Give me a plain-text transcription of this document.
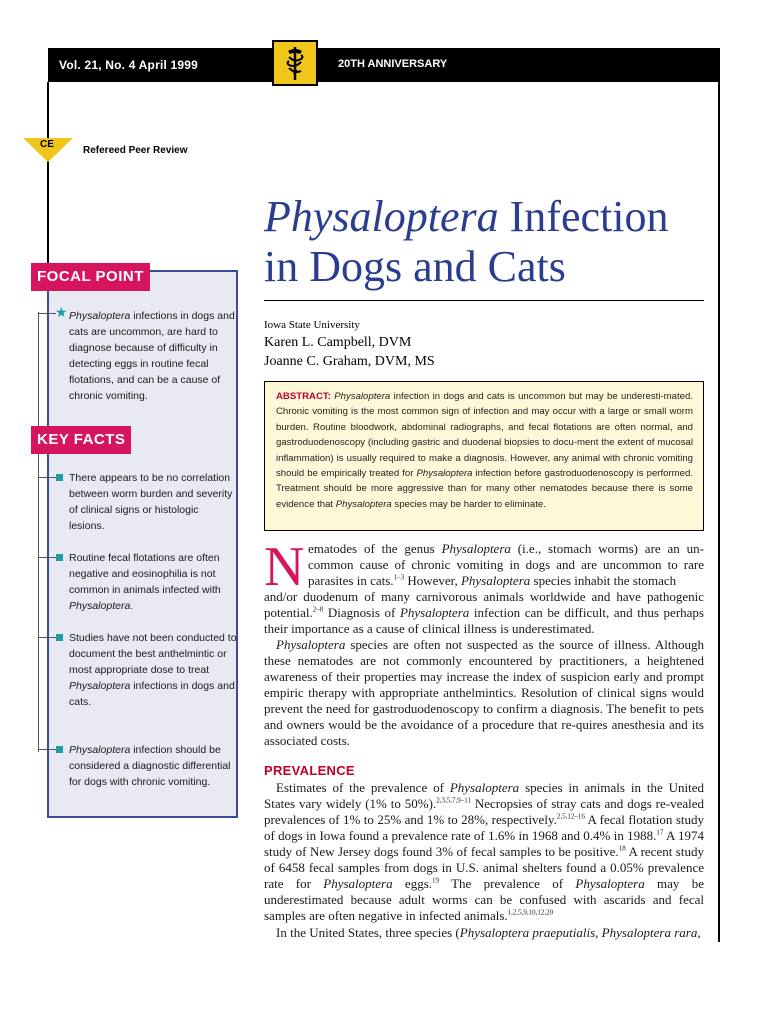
Vol. 21, No. 4 April 1999	20TH ANNIVERSARY
V
CE
Refereed Peer Review
Physaloptera Infection
in Dogs and Cats
Iowa State University
Karen L. Campbell, DVM
Joanne C. Graham, DVM, MS
ABSTRACT: Physaloptera infection in dogs and cats is uncommon but may be underesti-mated. Chronic vomiting is the most common sign of infection and may occur with a large or small worm burden. Routine bloodwork, abdominal radiographs, and fecal flotations are often normal, and gastroduodenoscopy (including gastric and duodenal biopsies to docu-ment the extent of mucosal inflammation) is usually required to make a diagnosis. However, any animal with chronic vomiting should be empirically treated for Physaloptera infection before gastroduodenoscopy is performed. Treatment should be more aggressive than for many other nematodes because there is some evidence that Physaloptera species may be harder to eliminate.
FOCAL POINT
★ Physaloptera infections in dogs and cats are uncommon, are hard to diagnose because of difficulty in detecting eggs in routine fecal flotations, and can be a cause of chronic vomiting.
KEY FACTS
There appears to be no correlation between worm burden and severity of clinical signs or histologic lesions.
Routine fecal flotations are often negative and eosinophilia is not common in animals infected with Physaloptera.
Studies have not been conducted to document the best anthelmintic or most appropriate dose to treat Physaloptera infections in dogs and cats.
Physaloptera infection should be considered a diagnostic differential for dogs with chronic vomiting.
N ematodes of the genus Physaloptera (i.e., stomach worms) are an un-common cause of chronic vomiting in dogs and are uncommon to rare parasites in cats.$^{1-3}$ However, Physaloptera species inhabit the stomach

and/or duodenum of many carnivorous animals worldwide and have pathogenic potential.$^{2-8}$ Diagnosis of Physaloptera infection can be difficult, and thus perhaps their importance as a cause of clinical illness is underestimated.

Physaloptera species are often not suspected as the source of illness. Although these nematodes are not commonly encountered by practitioners, a heightened awareness of their properties may increase the index of suspicion early and prompt empiric therapy with appropriate anthelmintics. Resolution of clinical signs would prevent the need for gastroduodenoscopy to confirm a diagnosis. The benefit to pets and owners would be the avoidance of a procedure that re-quires anesthesia and its associated costs.

PREVALENCE

Estimates of the prevalence of Physaloptera species in animals in the United States vary widely (1% to 50%).$^{2,3,5,7,9-11}$ Necropsies of stray cats and dogs re-vealed prevalences of 1% to 25% and 1% to 28%, respectively.$^{2,5,12-16}$ A fecal flotation study of dogs in Iowa found a prevalence rate of 1.6% in 1968 and 0.4% in 1988.17 A 1974 study of New Jersey dogs found 3% of fecal samples to be positive.$^{18}$ A recent study of 6458 fecal samples from dogs in U.S. animal shelters found a 0.05% prevalence rate for Physaloptera eggs.$^{19}$ The prevalence of Physaloptera may be underestimated because adult worms can be confused with ascarids and fecal samples are often negative in infected animals.$^{1,2,5,9,10,12,20}$

In the United States, three species (Physaloptera praeputialis, Physaloptera rara,
